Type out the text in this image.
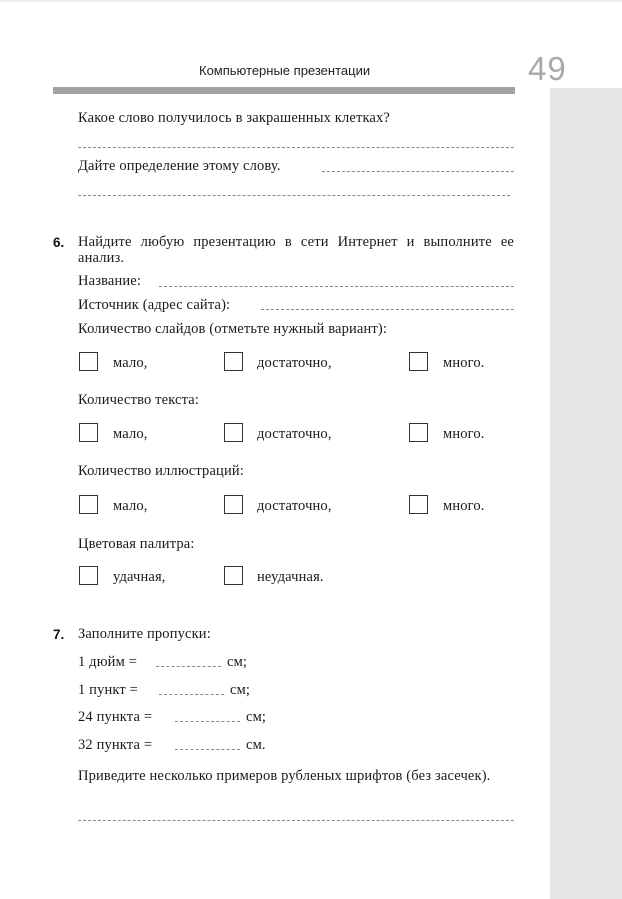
Компьютерные презентации	49
Какое слово получилось в закрашенных клетках?
Дайте определение этому слову.
6. Найдите любую презентацию в сети Интернет и выполните ее анализ.
Название:
Источник (адрес сайта):
Количество слайдов (отметьте нужный вариант):
мало,	достаточно,	много.
Количество текста:
мало,	достаточно,	много.
Количество иллюстраций:
мало,	достаточно,	много.
Цветовая палитра:
удачная,	неудачная.
7. Заполните пропуски:
1 дюйм =	см;
1 пункт =	см;
24 пункта =	см;
32 пункта =	см.
Приведите несколько примеров рубленых шрифтов (без засечек).
